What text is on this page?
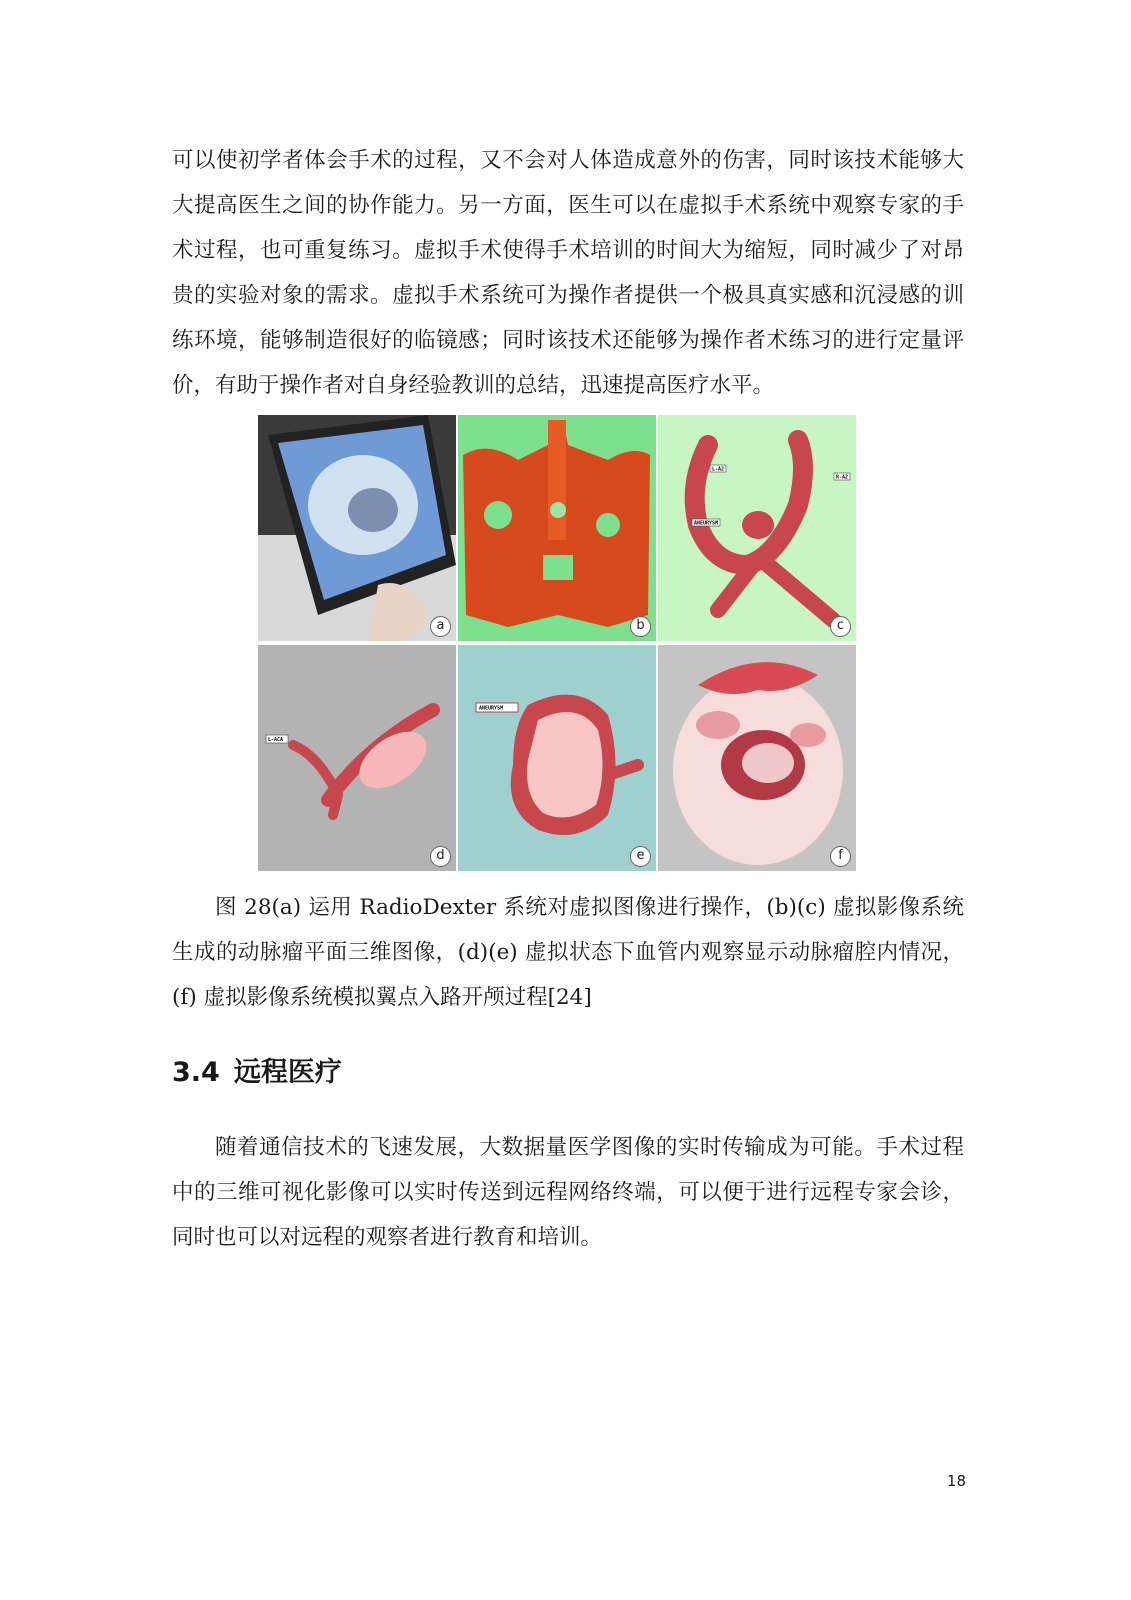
可以使初学者体会手术的过程，又不会对人体造成意外的伤害，同时该技术能够大大提高医生之间的协作能力。另一方面，医生可以在虚拟手术系统中观察专家的手术过程，也可重复练习。虚拟手术使得手术培训的时间大为缩短，同时减少了对昂贵的实验对象的需求。虚拟手术系统可为操作者提供一个极具真实感和沉浸感的训练环境，能够制造很好的临镜感；同时该技术还能够为操作者术练习的进行定量评价，有助于操作者对自身经验教训的总结，迅速提高医疗水平。

a	b
L-A2
R-A2
ANEURYSM
c
L-ACA
d
ANEURYSM
e	f

图 28(a) 运用 RadioDexter 系统对虚拟图像进行操作，(b)(c) 虚拟影像系统生成的动脉瘤平面三维图像，(d)(e) 虚拟状态下血管内观察显示动脉瘤腔内情况，(f) 虚拟影像系统模拟翼点入路开颅过程[24]

3.4 远程医疗

随着通信技术的飞速发展，大数据量医学图像的实时传输成为可能。手术过程中的三维可视化影像可以实时传送到远程网络终端，可以便于进行远程专家会诊，同时也可以对远程的观察者进行教育和培训。

18
